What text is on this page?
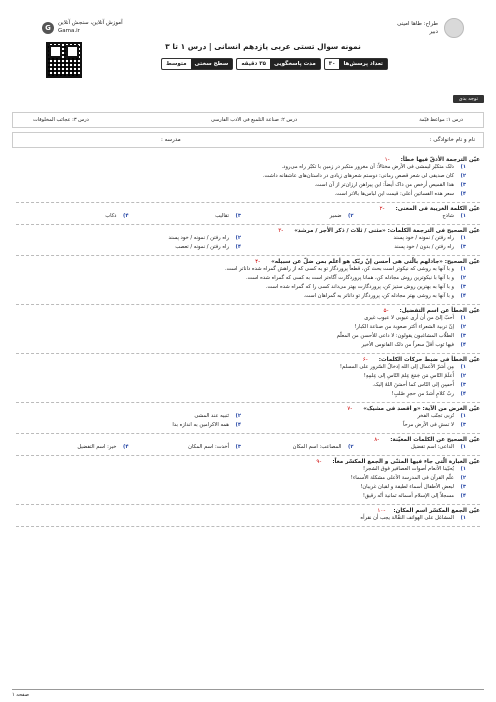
طراح: طاها امینی
دبیر
آموزش آنلاین، سنجش آنلاین
Gama.ir
G
نمونه سوال تستی عربی یازدهم انسانی | درس ۱ تا ۳
تعداد پرسش‌ها
۳۰
مدت پاسخگویی
۳۵ دقیقه
سطح سختی
متوسط
توجه بدی
درس ۱: مواعظ قیّمة
درس ۲: صناعة التلمیع فی الادب الفارسی
درس ۳: عجائب المخلوقات
نام و نام خانوادگی :
مدرسه :
عیّن الترجمة الأدقّ فیها خطأ:
-۱
۱)
ذلک متکبّر لیمشی فی الأرض مختالاً: آن مغرور متکبر در زمین با تکبّر راه می‌رود.
۲)
کان صدیقی لی شعر قصص رمانی: دوستم شعرهای زیادی در داستان‌های عاشقانه داشت.
۳)
هذا القمیص أرخص من ذاک أیضاً: این پیراهن ارزان‌تر از آن است.
۴)
سعر هذه الفساتین أعلی: قیمت این لباس‌ها بالاتر است.
عیّن الکلمة الغریبة فی المعنی:
-۲
۱)
شاذج
۲)
ضمیر
۳)
تقالیب
۴)
ذکاب
عیّن الصحیح فی الترجمة الکلمات: «مثنی / ثلاث / ذکر الأجر / مرشد»
-۳
۱)
راه رفتن / نمونه / خود پسند
۲)
راه رفتن / نمونه / خود پسند
۳)
راه رفتن / بدون / خود پسند
۴)
راه رفتن / نمونه / تعصب
عیّن الصحیح: «جادلهم بالّتی هی أحسن إنّ ربّک هو أعلم بمن ضلّ عن سبیله»
-۴
۱)
و با آنها به روشی که نیکوتر است بحث کن، قطعاً پروردگار تو به کسی که از راهش گمراه شده داناتر است.
۲)
و با آنها با نیکوترین روش مجادله کن، همانا پروردگارت آگاه‌تر است به کسی که گمراه شده است.
۳)
و با آنها به بهترین روش ستیز کن، پروردگارت بهتر می‌داند کسی را که گمراه شده است.
۴)
و با آنها به روشی بهتر مجادله کن، پروردگار تو داناتر به گمراهان است.
عیّن الخطأ عن اسم التفضیل:
-۵
۱)
أحبّ إلیّ من أن أری عیوبی لا عیوب غیری
۲)
إنّ تربیة الشعراء أکثر صعوبة من صناعة الکبار!
۳)
الطلّاب المشاغبون یقولون: لا داعی للأحسن من المعلّم
۴)
فیها ثوب أقلّ سعراً من ذلک الفانوس الأخیر
عیّن الخطأ فی ضبط حرکات الکلمات:
-۶
۱)
مِن أشرّ الأعمال إلی الله إدخالُ السّرور علی المسلم!
۲)
أَعلَمُ النّاسِ مَن جَمَعَ عِلمَ النّاسِ إلی عِلمِهِ!
۳)
أَحسِن إلی النّاس کما أحسَنَ اللهُ إلیک.
۴)
ربّ کلامٍ أشدّ من حجرٍ صُلبٍ!
عیّن الغرض من الآیة: «و اقصد فی مشیک»
-۷
۱)
تُربی تجنّب الفخر
۲)
تَنبیه عند المشی
۳)
لا تمشِ فی الأرض مرحاً
۴)
همه الاکرامین به اندازه بدا
عیّن الصحیح عن الکلمات المعیّنة:
-۸
۱)
الداعی: اسم تفضیل
۲)
المصاعب: اسم المکان
۳)
اُخذت: اسم المکان
۴)
خیر: اسم التفضیل
عیّن العبارة الّتی جاء فیها المثنّی و الجمع المکسّر معاً:
-۹
۱)
یُحیّینا الأنعام أصوات العصافیر فوق الشجر!
۲)
علّم القرآن فی المدرسة الأعلی مشکلة الأسماء!
۳)
لبعض الأطفال أسماء لطیفة و لقبان غریبان!
۴)
مسجلاً إلی الإسلام أسمائه ثمانیة أنّه رقیق!
عیّن الجمع المکسّر اسم المکان:
-۱۰
۱)
المشاغل علی الهواتف النقّالة یجب أن نقرأه
صفحه ۱
